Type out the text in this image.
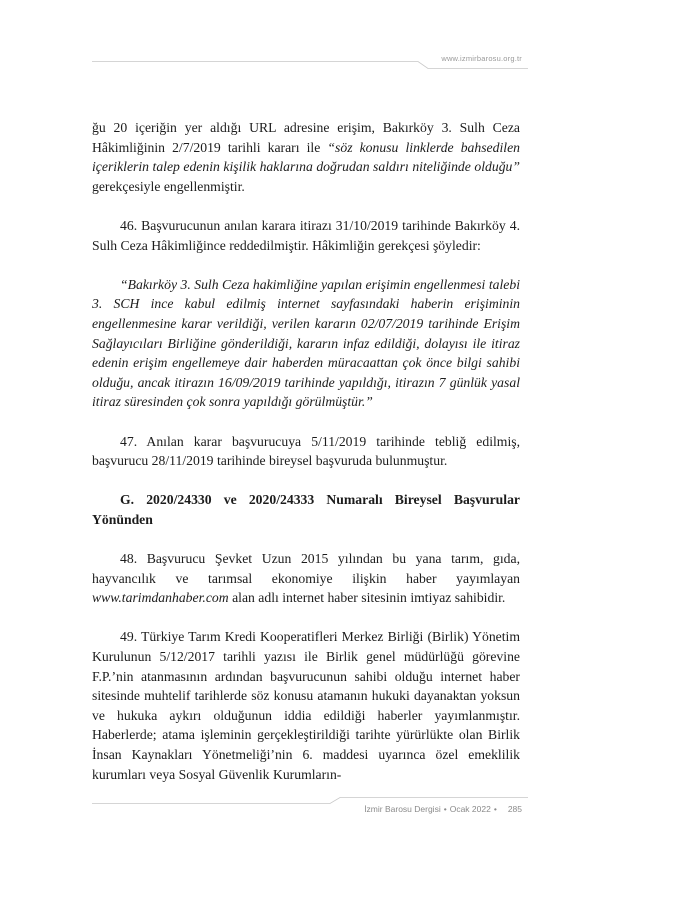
www.izmirbarosu.org.tr

ğu 20 içeriğin yer aldığı URL adresine erişim, Bakırköy 3. Sulh Ceza Hâkimliğinin 2/7/2019 tarihli kararı ile “söz konusu linklerde bahsedilen içeriklerin talep edenin kişilik haklarına doğrudan saldırı niteliğinde olduğu” gerekçesiyle engellenmiştir.

46. Başvurucunun anılan karara itirazı 31/10/2019 tarihinde Bakırköy 4. Sulh Ceza Hâkimliğince reddedilmiştir. Hâkimliğin gerekçesi şöyledir:

“Bakırköy 3. Sulh Ceza hakimliğine yapılan erişimin engellenmesi talebi 3. SCH ince kabul edilmiş internet sayfasındaki haberin erişiminin engellenmesine karar verildiği, verilen kararın 02/07/2019 tarihinde Erişim Sağlayıcıları Birliğine gönderildiği, kararın infaz edildiği, dolayısı ile itiraz edenin erişim engellemeye dair haberden müracaattan çok önce bilgi sahibi olduğu, ancak itirazın 16/09/2019 tarihinde yapıldığı, itirazın 7 günlük yasal itiraz süresinden çok sonra yapıldığı görülmüştür.”

47. Anılan karar başvurucuya 5/11/2019 tarihinde tebliğ edilmiş, başvurucu 28/11/2019 tarihinde bireysel başvuruda bulunmuştur.

G. 2020/24330 ve 2020/24333 Numaralı Bireysel Başvurular Yönünden

48. Başvurucu Şevket Uzun 2015 yılından bu yana tarım, gıda, hayvancılık ve tarımsal ekonomiye ilişkin haber yayımlayan www.tarimdanhaber.com alan adlı internet haber sitesinin imtiyaz sahibidir.

49. Türkiye Tarım Kredi Kooperatifleri Merkez Birliği (Birlik) Yönetim Kurulunun 5/12/2017 tarihli yazısı ile Birlik genel müdürlüğü görevine F.P.’nin atanmasının ardından başvurucunun sahibi olduğu internet haber sitesinde muhtelif tarihlerde söz konusu atamanın hukuki dayanaktan yoksun ve hukuka aykırı olduğunun iddia edildiği haberler yayımlanmıştır. Haberlerde; atama işleminin gerçekleştirildiği tarihte yürürlükte olan Birlik İnsan Kaynakları Yönetmeliği’nin 6. maddesi uyarınca özel emeklilik kurumları veya Sosyal Güvenlik Kurumların-

İzmir Barosu Dergisi • Ocak 2022 • 285
